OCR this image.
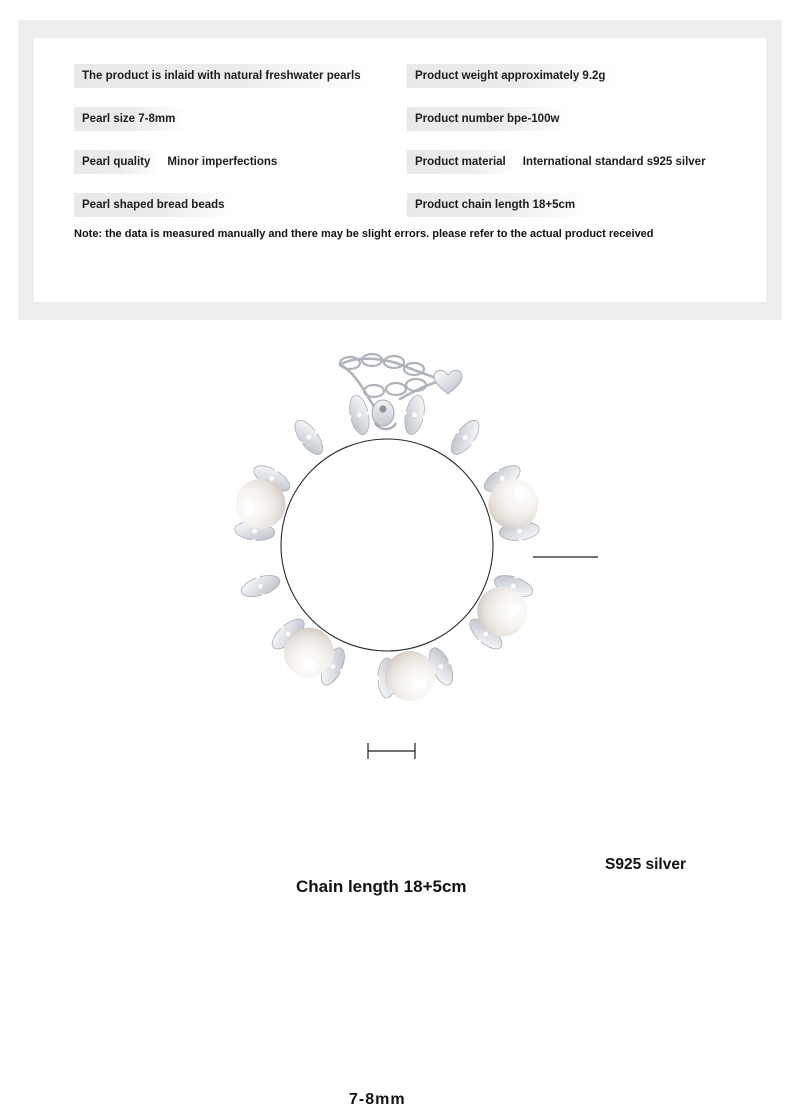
The product is inlaid with natural freshwater pearls
Pearl size 7-8mm
Pearl quality	Minor imperfections
Pearl shaped bread beads
Product weight approximately 9.2g
Product number bpe-100w
Product material	International standard s925 silver
Product chain length 18+5cm
Note: the data is measured manually and there may be slight errors. please refer to the actual product received
Chain length 18+5cm
S925 silver
7-8mm
